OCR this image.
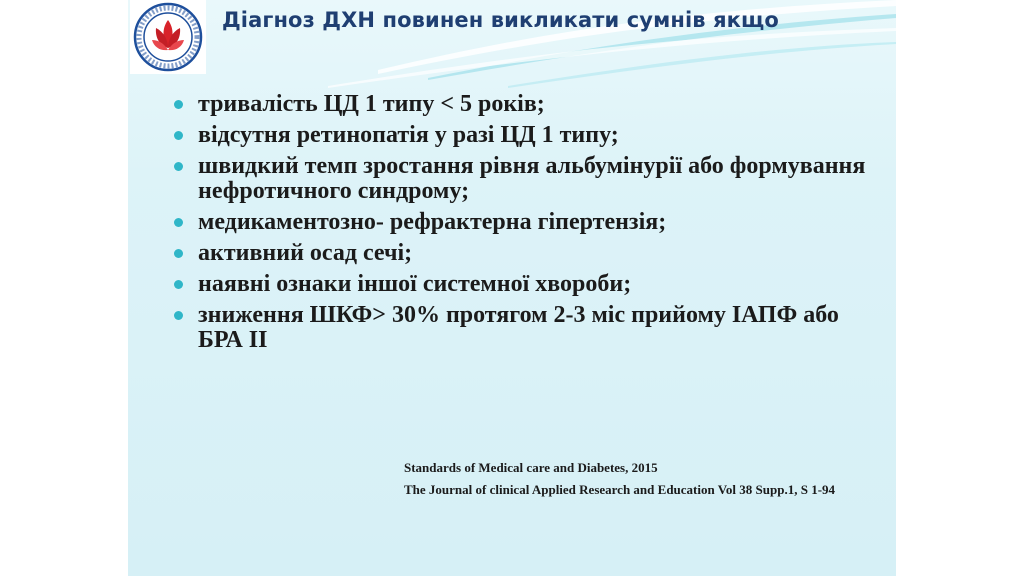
Діагноз ДХН повинен викликати сумнів якщо
тривалість ЦД 1 типу < 5 років;
відсутня ретинопатія у разі ЦД 1 типу;
швидкий темп зростання рівня альбумінурії або формування нефротичного синдрому;
медикаментозно- рефрактерна гіпертензія;
активний осад сечі;
наявні ознаки іншої системної хвороби;
зниження ШКФ> 30% протягом 2-3 міс прийому ІАПФ або БРА ІІ

Standards of Medical care and Diabetes, 2015

The Journal of clinical Applied Research and Education Vol 38 Supp.1, S 1-94
